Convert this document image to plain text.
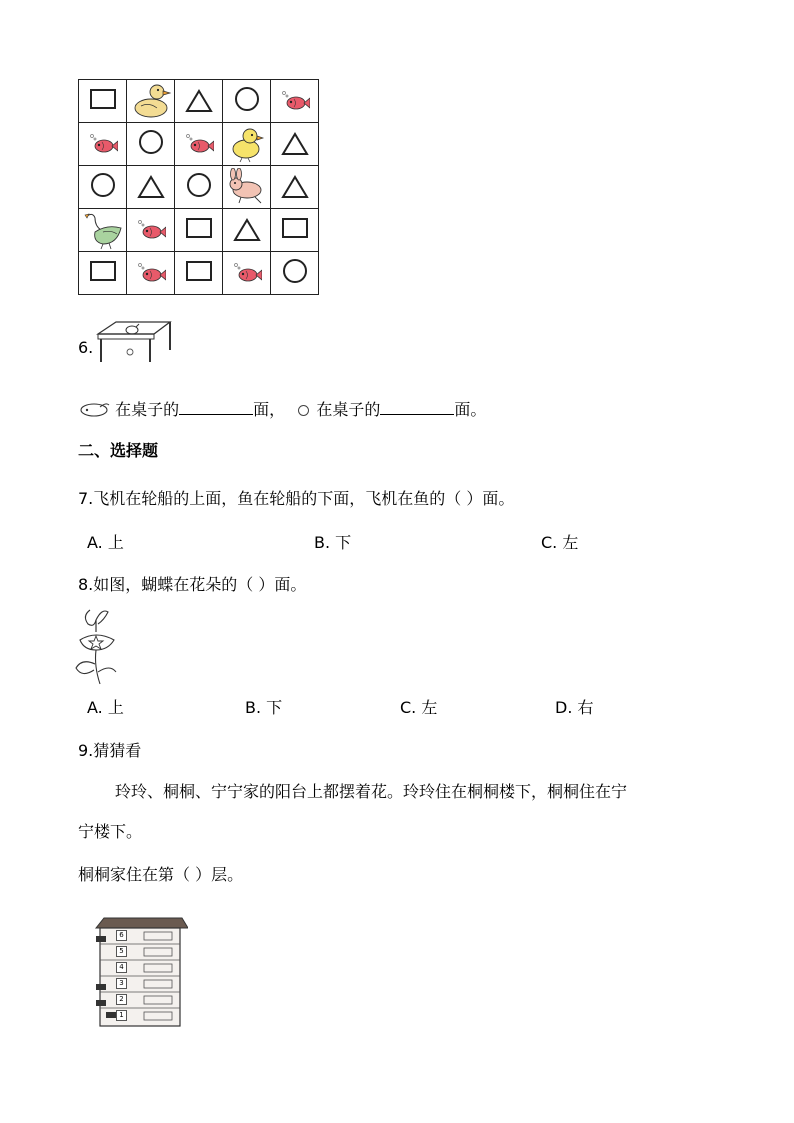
6.
在桌子的	面， 在桌子的	面。
二、选择题
7.飞机在轮船的上面，鱼在轮船的下面，飞机在鱼的（ ）面。
A. 上	B. 下	C. 左
8.如图，蝴蝶在花朵的（ ）面。
A. 上	B. 下	C. 左	D. 右
9.猜猜看
玲玲、桐桐、宁宁家的阳台上都摆着花。玲玲住在桐桐楼下，桐桐住在宁
宁楼下。
桐桐家住在第（ ）层。
6
5
4
3
2
1
